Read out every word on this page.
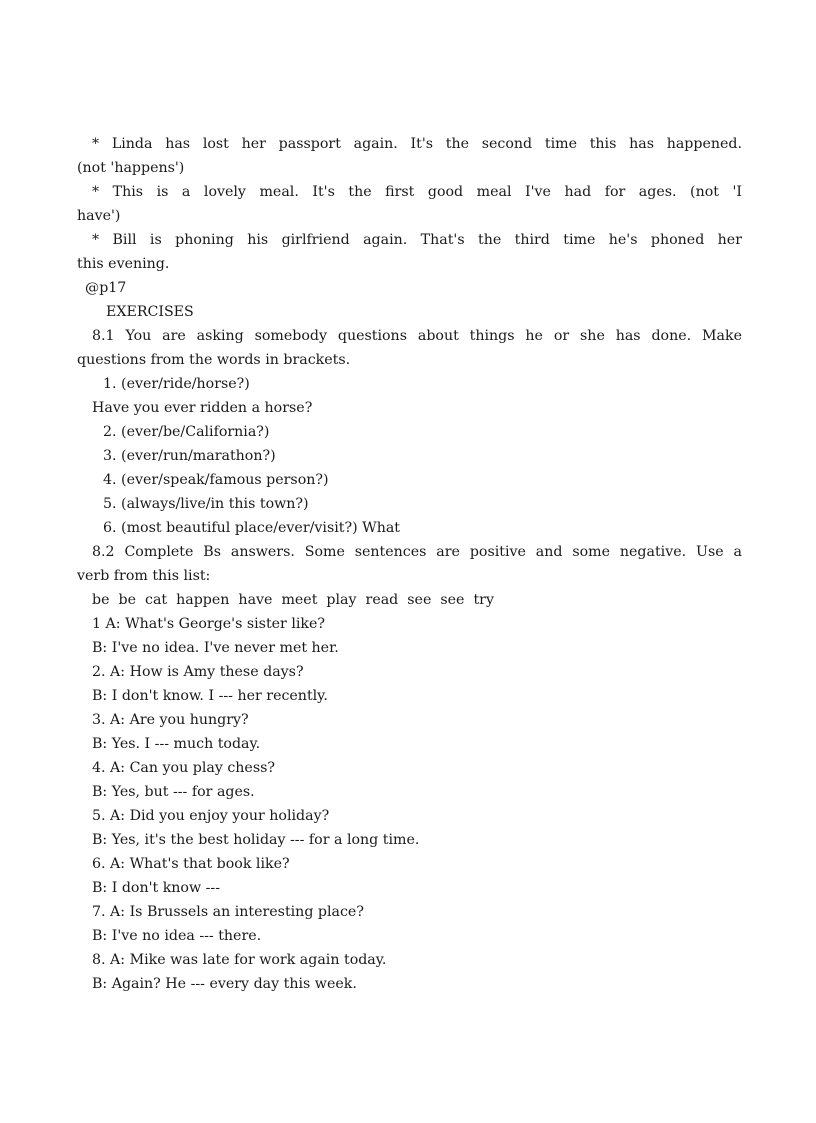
* Linda has lost her passport again. It's the second time this has happened.
(not 'happens')
* This is a lovely meal. It's the first good meal I've had for ages. (not 'I
have')
* Bill is phoning his girlfriend again. That's the third time he's phoned her
this evening.
@p17
EXERCISES
8.1 You are asking somebody questions about things he or she has done. Make
questions from the words in brackets.
1. (ever/ride/horse?)
Have you ever ridden a horse?
2. (ever/be/California?)
3. (ever/run/marathon?)
4. (ever/speak/famous person?)
5. (always/live/in this town?)
6. (most beautiful place/ever/visit?) What
8.2 Complete Bs answers. Some sentences are positive and some negative. Use a
verb from this list:
be  be  cat  happen  have  meet  play  read  see  see  try
1 A: What's George's sister like?
B: I've no idea. I've never met her.
2. A: How is Amy these days?
B: I don't know. I --- her recently.
3. A: Are you hungry?
B: Yes. I --- much today.
4. A: Can you play chess?
B: Yes, but --- for ages.
5. A: Did you enjoy your holiday?
B: Yes, it's the best holiday --- for a long time.
6. A: What's that book like?
B: I don't know ---
7. A: Is Brussels an interesting place?
B: I've no idea --- there.
8. A: Mike was late for work again today.
B: Again? He --- every day this week.
